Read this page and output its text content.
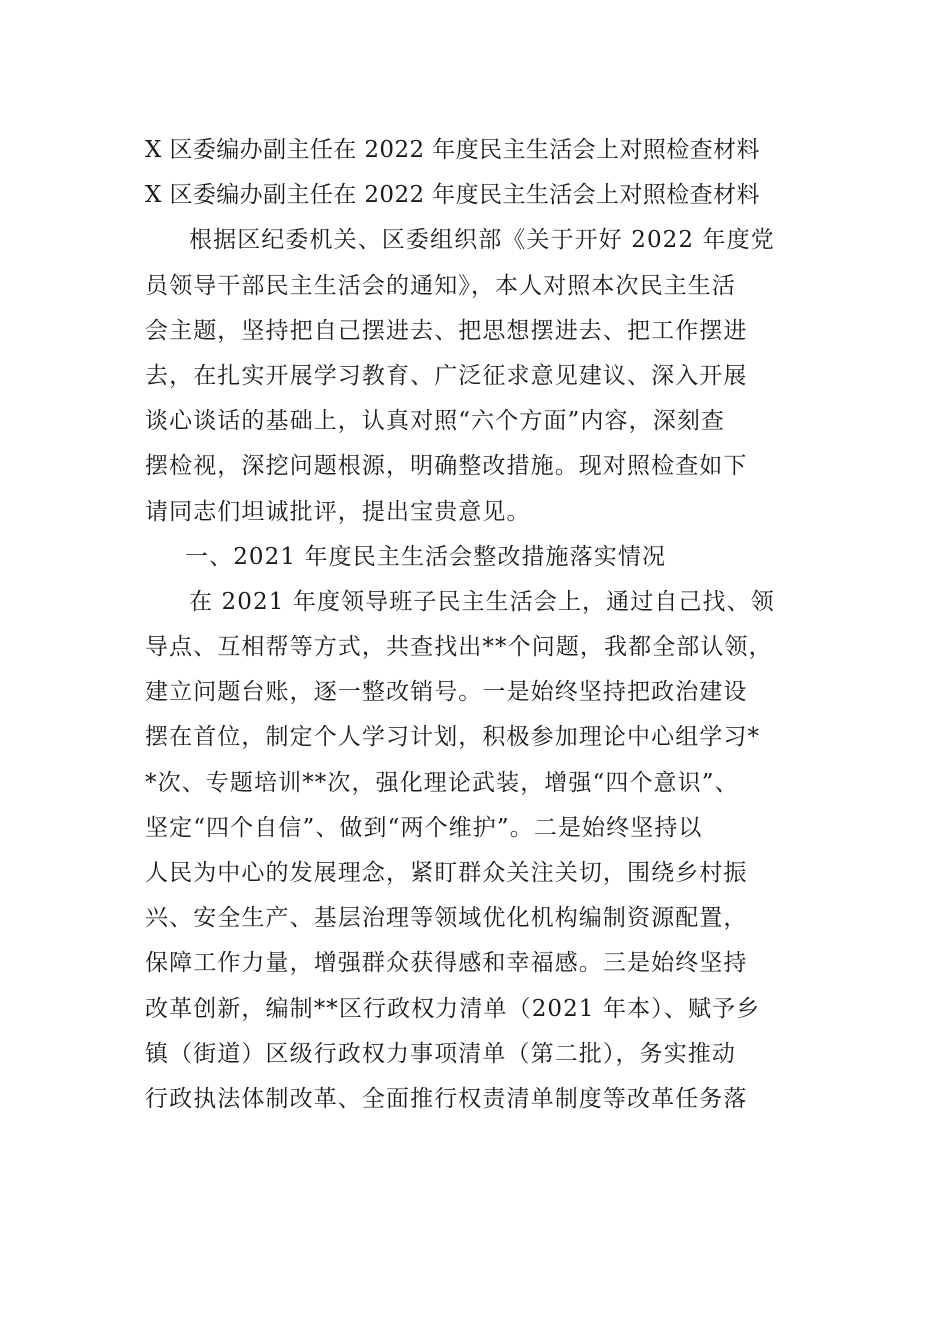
X 区委编办副主任在 2022 年度民主生活会上对照检查材料
X 区委编办副主任在 2022 年度民主生活会上对照检查材料
根据区纪委机关、区委组织部《关于开好 2022 年度党
员领导干部民主生活会的通知》，本人对照本次民主生活
会主题，坚持把自己摆进去、把思想摆进去、把工作摆进
去，在扎实开展学习教育、广泛征求意见建议、深入开展
谈心谈话的基础上，认真对照“六个方面”内容，深刻查
摆检视，深挖问题根源，明确整改措施。现对照检查如下
请同志们坦诚批评，提出宝贵意见。
一、2021 年度民主生活会整改措施落实情况
在 2021 年度领导班子民主生活会上，通过自己找、领
导点、互相帮等方式，共查找出**个问题，我都全部认领，
建立问题台账，逐一整改销号。一是始终坚持把政治建设
摆在首位，制定个人学习计划，积极参加理论中心组学习*
*次、专题培训**次，强化理论武装，增强“四个意识”、
坚定“四个自信”、做到“两个维护”。二是始终坚持以
人民为中心的发展理念，紧盯群众关注关切，围绕乡村振
兴、安全生产、基层治理等领域优化机构编制资源配置，
保障工作力量，增强群众获得感和幸福感。三是始终坚持
改革创新，编制**区行政权力清单（2021 年本）、赋予乡
镇（街道）区级行政权力事项清单（第二批），务实推动
行政执法体制改革、全面推行权责清单制度等改革任务落
